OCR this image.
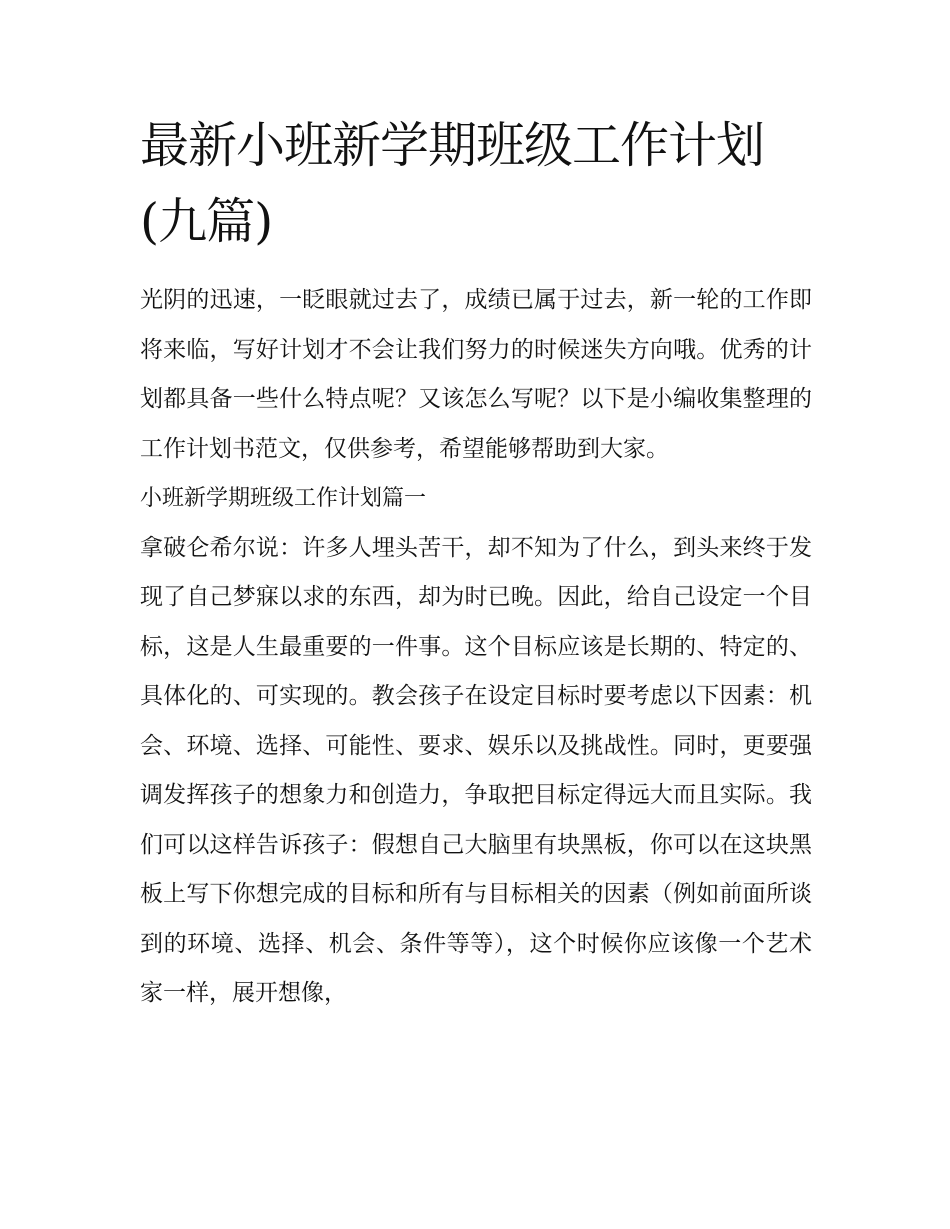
最新小班新学期班级工作计划(九篇)

光阴的迅速，一眨眼就过去了，成绩已属于过去，新一轮的工作即将来临，写好计划才不会让我们努力的时候迷失方向哦。优秀的计划都具备一些什么特点呢？又该怎么写呢？以下是小编收集整理的工作计划书范文，仅供参考，希望能够帮助到大家。

小班新学期班级工作计划篇一

拿破仑希尔说：许多人埋头苦干，却不知为了什么，到头来终于发现了自己梦寐以求的东西，却为时已晚。因此，给自己设定一个目标，这是人生最重要的一件事。这个目标应该是长期的、特定的、具体化的、可实现的。教会孩子在设定目标时要考虑以下因素：机会、环境、选择、可能性、要求、娱乐以及挑战性。同时，更要强调发挥孩子的想象力和创造力，争取把目标定得远大而且实际。我们可以这样告诉孩子：假想自己大脑里有块黑板，你可以在这块黑板上写下你想完成的目标和所有与目标相关的因素（例如前面所谈到的环境、选择、机会、条件等等），这个时候你应该像一个艺术家一样，展开想像，
